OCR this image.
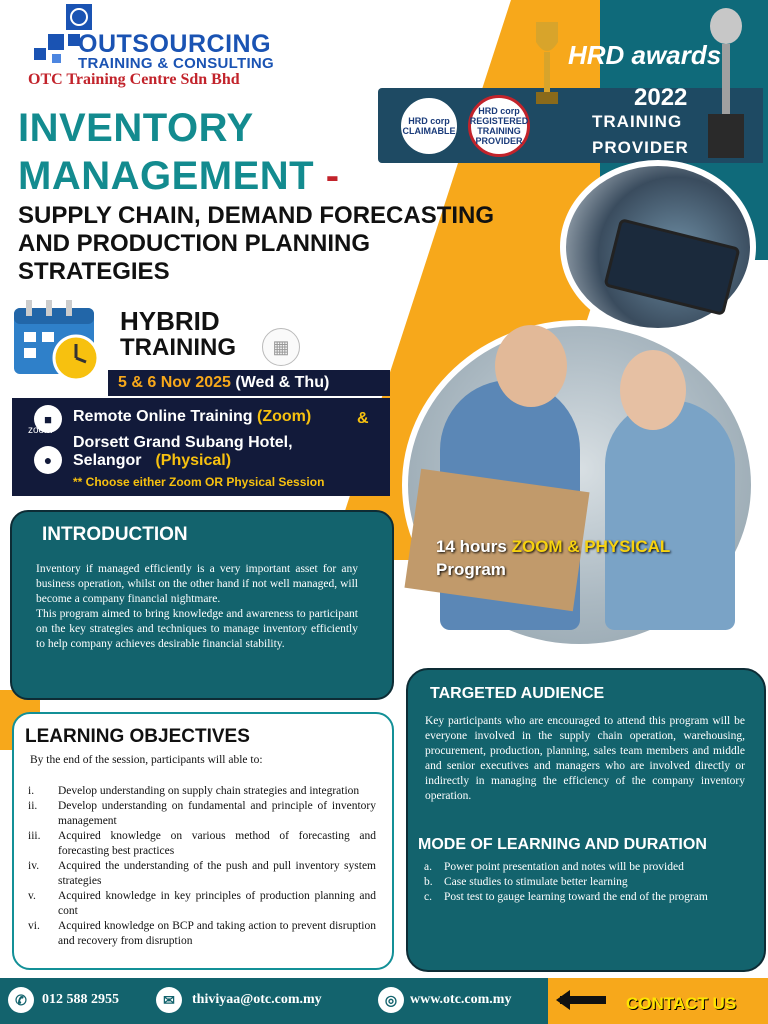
OUTSOURCING
TRAINING & CONSULTING
OTC Training Centre Sdn Bhd
HRD awards
2022
TRAINING
PROVIDER
HRD corp CLAIMABLE
HRD corp REGISTERED TRAINING PROVIDER
INVENTORY
MANAGEMENT -
SUPPLY CHAIN, DEMAND FORECASTING AND PRODUCTION PLANNING STRATEGIES
HYBRID
TRAINING	▦
5 & 6 Nov 2025 (Wed & Thu)
■
zoom
●
Remote Online Training (Zoom)	&
Dorsett Grand Subang Hotel,
Selangor (Physical)
** Choose either Zoom OR Physical Session
14 hours ZOOM & PHYSICAL
Program
INTRODUCTION
Inventory if managed efficiently is a very important asset for any business operation, whilst on the other hand if not well managed, will become a company financial nightmare.
This program aimed to bring knowledge and awareness to participant on the key strategies and techniques to manage inventory efficiently to help company achieves desirable financial stability.
LEARNING OBJECTIVES
By the end of the session, participants will able to:
i.	Develop understanding on supply chain strategies and integration
ii.	Develop understanding on fundamental and principle of inventory management
iii.	Acquired knowledge on various method of forecasting and forecasting best practices
iv.	Acquired the understanding of the push and pull inventory system strategies
v.	Acquired knowledge in key principles of production planning and cont
vi.	Acquired knowledge on BCP and taking action to prevent disruption and recovery from disruption
TARGETED AUDIENCE
Key participants who are encouraged to attend this program will be everyone involved in the supply chain operation, warehousing, procurement, production, planning, sales team members and middle and senior executives and managers who are involved directly or indirectly in managing the efficiency of the company inventory operation.
MODE OF LEARNING AND DURATION
a.	Power point presentation and notes will be provided
b. Case studies to stimulate better learning
c.	Post test to gauge learning toward the end of the program
✆	012 588 2955	✉	thiviyaa@otc.com.my	◎ www.otc.com.my	CONTACT US
